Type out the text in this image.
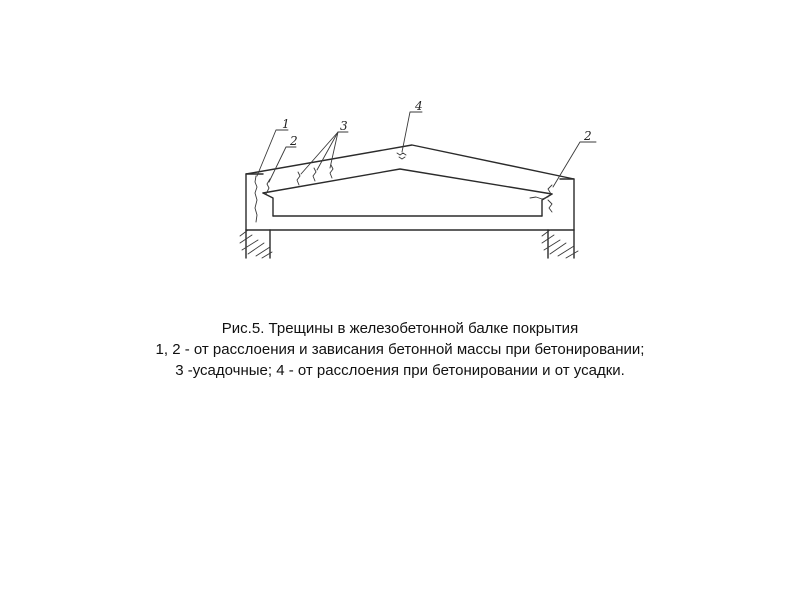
1
2
3
4
2
Рис.5. Трещины в железобетонной балке покрытия
1, 2 - от расслоения и зависания бетонной массы при бетонировании;
3 -усадочные; 4 - от расслоения при бетонировании и от усадки.
